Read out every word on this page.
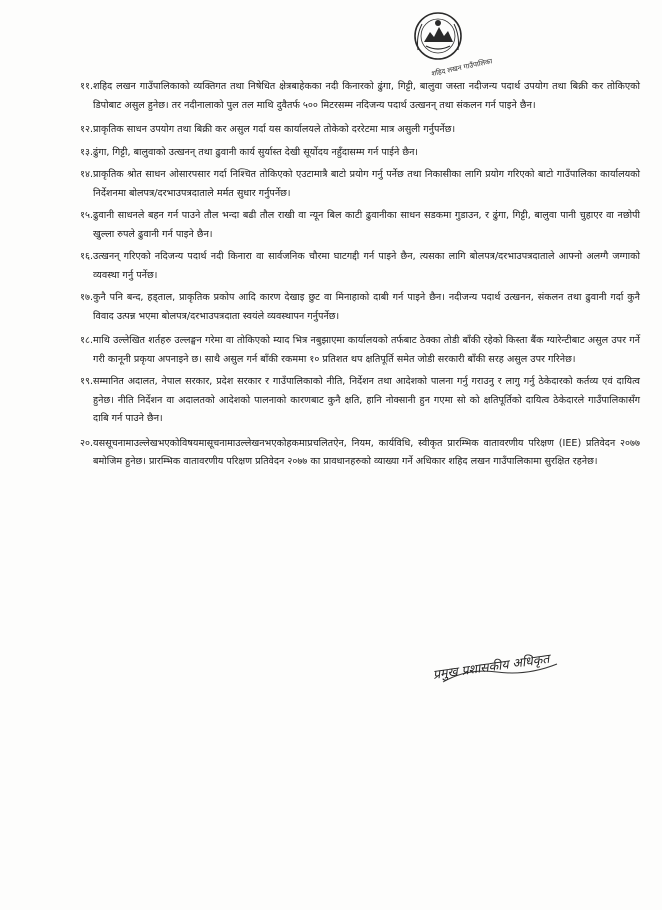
शहिद लखन गाउँपालिका
११. शहिद लखन गाउँपालिकाको व्यक्तिगत तथा निषेधित क्षेत्रबाहेकका नदी किनारको ढुंगा, गिट्टी, बालुवा जस्ता नदीजन्य पदार्थ उपयोग तथा बिक्री कर तोकिएको डिपोबाट असुल हुनेछ। तर नदीनालाको पुल तल माथि दुवैतर्फ ५०० मिटरसम्म नदिजन्य पदार्थ उत्खनन् तथा संकलन गर्न पाइने छैन।
१२. प्राकृतिक साधन उपयोग तथा बिक्री कर असुल गर्दा यस कार्यालयले तोकेको दररेटमा मात्र असुली गर्नुपर्नेछ।
१३. ढुंगा, गिट्टी, बालुवाको उत्खनन् तथा ढुवानी कार्य सुर्यास्त देखी सूर्योदय नहुँदासम्म गर्न पाईने छैन।
१४. प्राकृतिक श्रोत साधन ओसारपसार गर्दा निश्चित तोकिएको एउटामात्रै बाटो प्रयोग गर्नु पर्नेछ तथा निकासीका लागि प्रयोग गरिएको बाटो गाउँपालिका कार्यालयको निर्देशनमा बोलपत्र/दरभाउपत्रदाताले मर्मत सुधार गर्नुपर्नेछ।
१५. ढुवानी साधनले बहन गर्न पाउने तौल भन्दा बढी तौल राखी वा न्यून बिल काटी ढुवानीका साधन सडकमा गुडाउन, र ढुंगा, गिट्टी, बालुवा पानी चुहाएर वा नछोपी खुल्ला रुपले ढुवानी गर्न पाइने छैन।
१६. उत्खनन् गरिएको नदिजन्य पदार्थ नदी किनारा वा सार्वजनिक चौरमा घाटगद्दी गर्न पाइने छैन, त्यसका लागि बोलपत्र/दरभाउपत्रदाताले आफ्नो अलग्गै जग्गाको व्यवस्था गर्नु पर्नेछ।
१७. कुनै पनि बन्द, हड्ताल, प्राकृतिक प्रकोप आदि कारण देखाइ छुट वा मिनाहाको दाबी गर्न पाइने छैन। नदीजन्य पदार्थ उत्खनन, संकलन तथा ढुवानी गर्दा कुनै विवाद उत्पन्न भएमा बोलपत्र/दरभाउपत्रदाता स्वयंले व्यवस्थापन गर्नुपर्नेछ।
१८. माथि उल्लेखित शर्तहरु उल्लङ्घन गरेमा वा तोकिएको म्याद भित्र नबुझाएमा कार्यालयको तर्फबाट ठेक्का तोडी बाँकी रहेको किस्ता बैंक ग्यारेन्टीबाट असुल उपर गर्ने गरी कानूनी प्रकृया अपनाइने छ। साथै असुल गर्न बाँकी रकममा १० प्रतिशत थप क्षतिपूर्ति समेत जोडी सरकारी बाँकी सरह असुल उपर गरिनेछ।
१९. सम्मानित अदालत, नेपाल सरकार, प्रदेश सरकार र गाउँपालिकाको नीति, निर्देशन तथा आदेशको पालना गर्नु गराउनु र लागु गर्नु ठेकेदारको कर्तव्य एवं दायित्व हुनेछ। नीति निर्देशन वा अदालतको आदेशको पालनाको कारणबाट कुनै क्षति, हानि नोक्सानी हुन गएमा सो को क्षतिपूर्तिको दायित्व ठेकेदारले गाउँपालिकासँग दाबि गर्न पाउने छैन।
२०. यससूचनामाउल्लेखभएकोविषयमासूचनामाउल्लेखनभएकोहकमाप्रचलितऐन, नियम, कार्यविधि, स्वीकृत प्रारम्भिक वातावरणीय परिक्षण (IEE) प्रतिवेदन २०७७ बमोजिम हुनेछ। प्रारम्भिक वातावरणीय परिक्षण प्रतिवेदन २०७७ का प्रावधानहरुको व्याख्या गर्ने अधिकार शहिद लखन गाउँपालिकामा सुरक्षित रहनेछ।
प्रमुख प्रशासकीय अधिकृत
